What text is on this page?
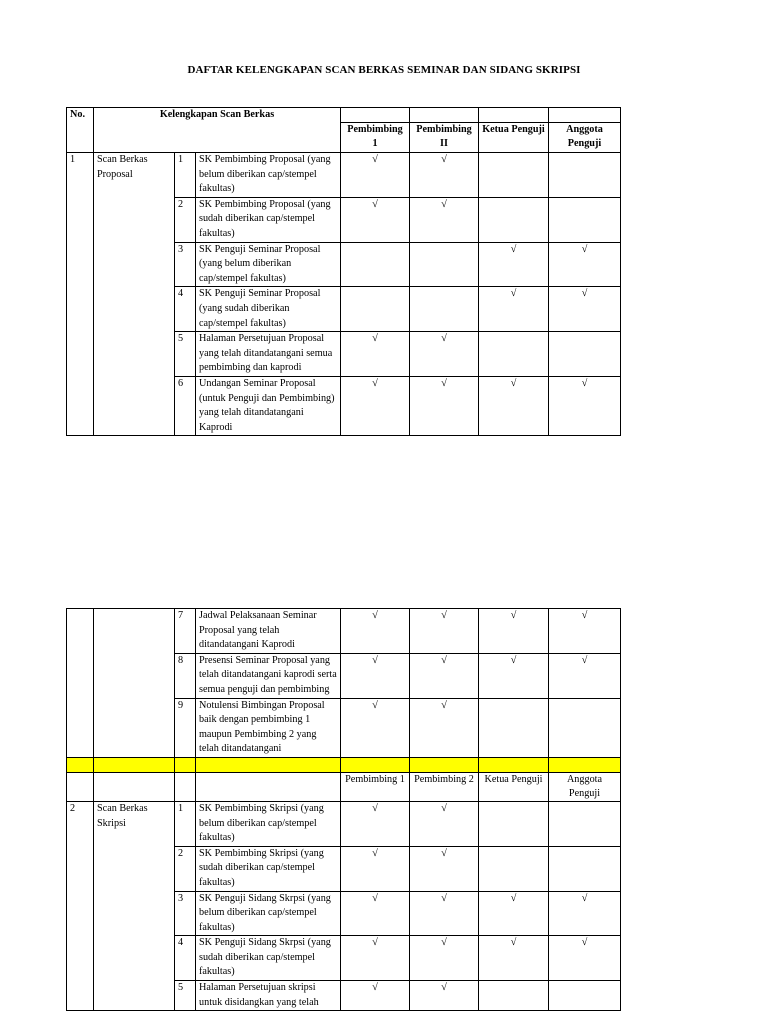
DAFTAR KELENGKAPAN SCAN BERKAS SEMINAR DAN SIDANG SKRIPSI
No.	Kelengkapan Scan Berkas						
				Pembimbing 1	Pembimbing II	Ketua Penguji	Anggota Penguji
1	Scan Berkas Proposal	1	SK Pembimbing Proposal (yang belum diberikan cap/stempel fakultas)	√	√		
		2	SK Pembimbing Proposal (yang sudah diberikan cap/stempel fakultas)	√	√		
		3	SK Penguji Seminar Proposal (yang belum diberikan cap/stempel fakultas)			√	√
		4	SK Penguji Seminar Proposal (yang sudah diberikan cap/stempel fakultas)			√	√
		5	Halaman Persetujuan Proposal yang telah ditandatangani semua pembimbing dan kaprodi	√	√		
		6	Undangan Seminar Proposal (untuk Penguji dan Pembimbing) yang telah ditandatangani Kaprodi	√	√	√	√
		7	Jadwal Pelaksanaan Seminar Proposal yang telah ditandatangani Kaprodi	√	√	√	√
		8	Presensi Seminar Proposal yang telah ditandatangani kaprodi serta semua penguji dan pembimbing	√	√	√	√
		9	Notulensi Bimbingan Proposal baik dengan pembimbing 1 maupun Pembimbing 2 yang telah ditandatangani	√	√		

				Pembimbing 1	Pembimbing 2	Ketua Penguji	Anggota Penguji
2	Scan Berkas Skripsi	1	SK Pembimbing Skripsi (yang belum diberikan cap/stempel fakultas)	√	√		
		2	SK Pembimbing Skripsi (yang sudah diberikan cap/stempel fakultas)	√	√		
		3	SK Penguji Sidang Skrpsi (yang belum diberikan cap/stempel fakultas)	√	√	√	√
		4	SK Penguji Sidang Skrpsi (yang sudah diberikan cap/stempel fakultas)	√	√	√	√
		5	Halaman Persetujuan skripsi untuk disidangkan yang telah	√	√		
